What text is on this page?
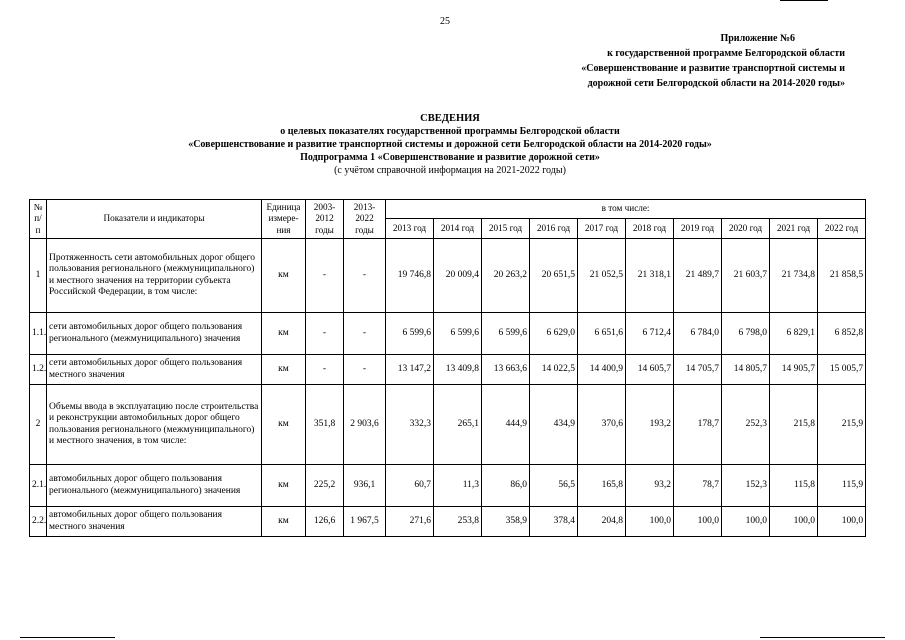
25
Приложение №6
к государственной программе Белгородской области
«Совершенствование и развитие транспортной системы и
дорожной сети Белгородской области на 2014-2020 годы»
СВЕДЕНИЯ
о целевых показателях государственной программы Белгородской области
«Совершенствование и развитие транспортной системы и дорожной сети Белгородской области на 2014-2020 годы»
Подпрограмма 1 «Совершенствование и развитие дорожной сети»
(с учётом справочной информация на 2021-2022 годы)
№ п/п	Показатели и индикаторы	Единица измере-ния	2003-2012 годы	2013-2022 годы	в том числе:									
					2013 год	2014 год	2015 год	2016 год	2017 год	2018 год	2019 год	2020 год	2021 год	2022 год
1	Протяженность сети автомобильных дорог общего пользования регионального (межмуниципального) и местного значения на территории субъекта Российской Федерации, в том числе:	км	-	-	19 746,8	20 009,4	20 263,2	20 651,5	21 052,5	21 318,1	21 489,7	21 603,7	21 734,8	21 858,5
1.1.	сети автомобильных дорог общего пользования регионального (межмуниципального) значения	км	-	-	6 599,6	6 599,6	6 599,6	6 629,0	6 651,6	6 712,4	6 784,0	6 798,0	6 829,1	6 852,8
1.2.	сети автомобильных дорог общего пользования местного значения	км	-	-	13 147,2	13 409,8	13 663,6	14 022,5	14 400,9	14 605,7	14 705,7	14 805,7	14 905,7	15 005,7
2	Объемы ввода в эксплуатацию после строительства и реконструкции автомобильных дорог общего пользования регионального (межмуниципального) и местного значения, в том числе:	км	351,8	2 903,6	332,3	265,1	444,9	434,9	370,6	193,2	178,7	252,3	215,8	215,9
2.1.	автомобильных дорог общего пользования регионального (межмуниципального) значения	км	225,2	936,1	60,7	11,3	86,0	56,5	165,8	93,2	78,7	152,3	115,8	115,9
2.2.	автомобильных дорог общего пользования местного значения	км	126,6	1 967,5	271,6	253,8	358,9	378,4	204,8	100,0	100,0	100,0	100,0	100,0
